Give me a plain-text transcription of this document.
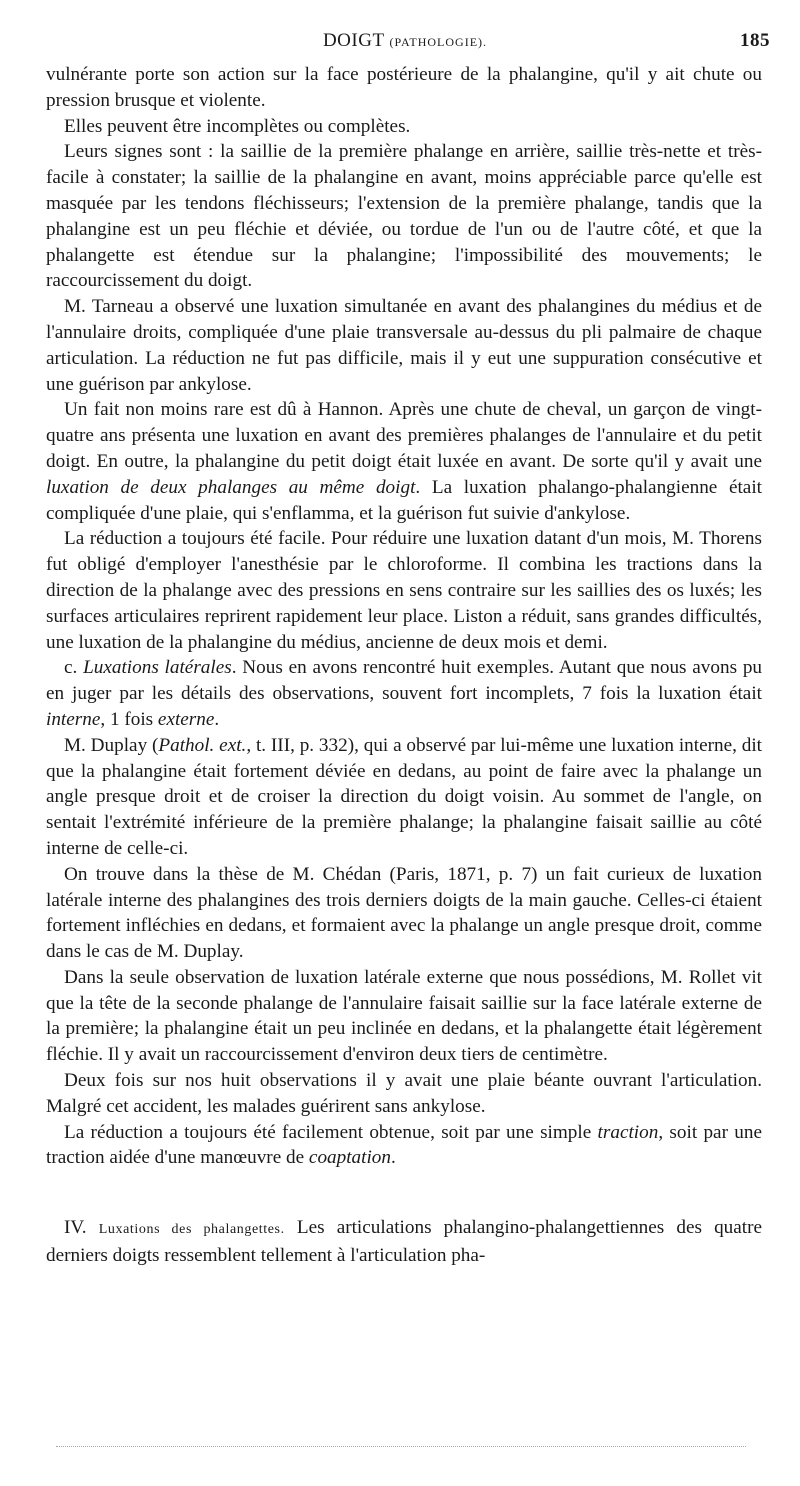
DOIGT (PATHOLOGIE).	185

vulnérante porte son action sur la face postérieure de la phalangine, qu'il y ait chute ou pression brusque et violente.

Elles peuvent être incomplètes ou complètes.

Leurs signes sont : la saillie de la première phalange en arrière, saillie très-nette et très-facile à constater; la saillie de la phalangine en avant, moins appréciable parce qu'elle est masquée par les tendons fléchisseurs; l'extension de la première phalange, tandis que la phalangine est un peu fléchie et déviée, ou tordue de l'un ou de l'autre côté, et que la phalangette est étendue sur la phalangine; l'impossibilité des mouvements; le raccourcissement du doigt.

M. Tarneau a observé une luxation simultanée en avant des phalangines du médius et de l'annulaire droits, compliquée d'une plaie transversale au-dessus du pli palmaire de chaque articulation. La réduction ne fut pas difficile, mais il y eut une suppuration consécutive et une guérison par ankylose.

Un fait non moins rare est dû à Hannon. Après une chute de cheval, un garçon de vingt-quatre ans présenta une luxation en avant des premières phalanges de l'annulaire et du petit doigt. En outre, la phalangine du petit doigt était luxée en avant. De sorte qu'il y avait une luxation de deux phalanges au même doigt. La luxation phalango-phalangienne était compliquée d'une plaie, qui s'enflamma, et la guérison fut suivie d'ankylose.

La réduction a toujours été facile. Pour réduire une luxation datant d'un mois, M. Thorens fut obligé d'employer l'anesthésie par le chloroforme. Il combina les tractions dans la direction de la phalange avec des pressions en sens contraire sur les saillies des os luxés; les surfaces articulaires reprirent rapidement leur place. Liston a réduit, sans grandes difficultés, une luxation de la phalangine du médius, ancienne de deux mois et demi.

c. Luxations latérales. Nous en avons rencontré huit exemples. Autant que nous avons pu en juger par les détails des observations, souvent fort incomplets, 7 fois la luxation était interne, 1 fois externe.

M. Duplay (Pathol. ext., t. III, p. 332), qui a observé par lui-même une luxation interne, dit que la phalangine était fortement déviée en dedans, au point de faire avec la phalange un angle presque droit et de croiser la direction du doigt voisin. Au sommet de l'angle, on sentait l'extrémité inférieure de la première phalange; la phalangine faisait saillie au côté interne de celle-ci.

On trouve dans la thèse de M. Chédan (Paris, 1871, p. 7) un fait curieux de luxation latérale interne des phalangines des trois derniers doigts de la main gauche. Celles-ci étaient fortement infléchies en dedans, et formaient avec la phalange un angle presque droit, comme dans le cas de M. Duplay.

Dans la seule observation de luxation latérale externe que nous possédions, M. Rollet vit que la tête de la seconde phalange de l'annulaire faisait saillie sur la face latérale externe de la première; la phalangine était un peu inclinée en dedans, et la phalangette était légèrement fléchie. Il y avait un raccourcissement d'environ deux tiers de centimètre.

Deux fois sur nos huit observations il y avait une plaie béante ouvrant l'articulation. Malgré cet accident, les malades guérirent sans ankylose.

La réduction a toujours été facilement obtenue, soit par une simple traction, soit par une traction aidée d'une manœuvre de coaptation.

IV. Luxations des phalangettes. Les articulations phalangino-phalangettiennes des quatre derniers doigts ressemblent tellement à l'articulation pha-
